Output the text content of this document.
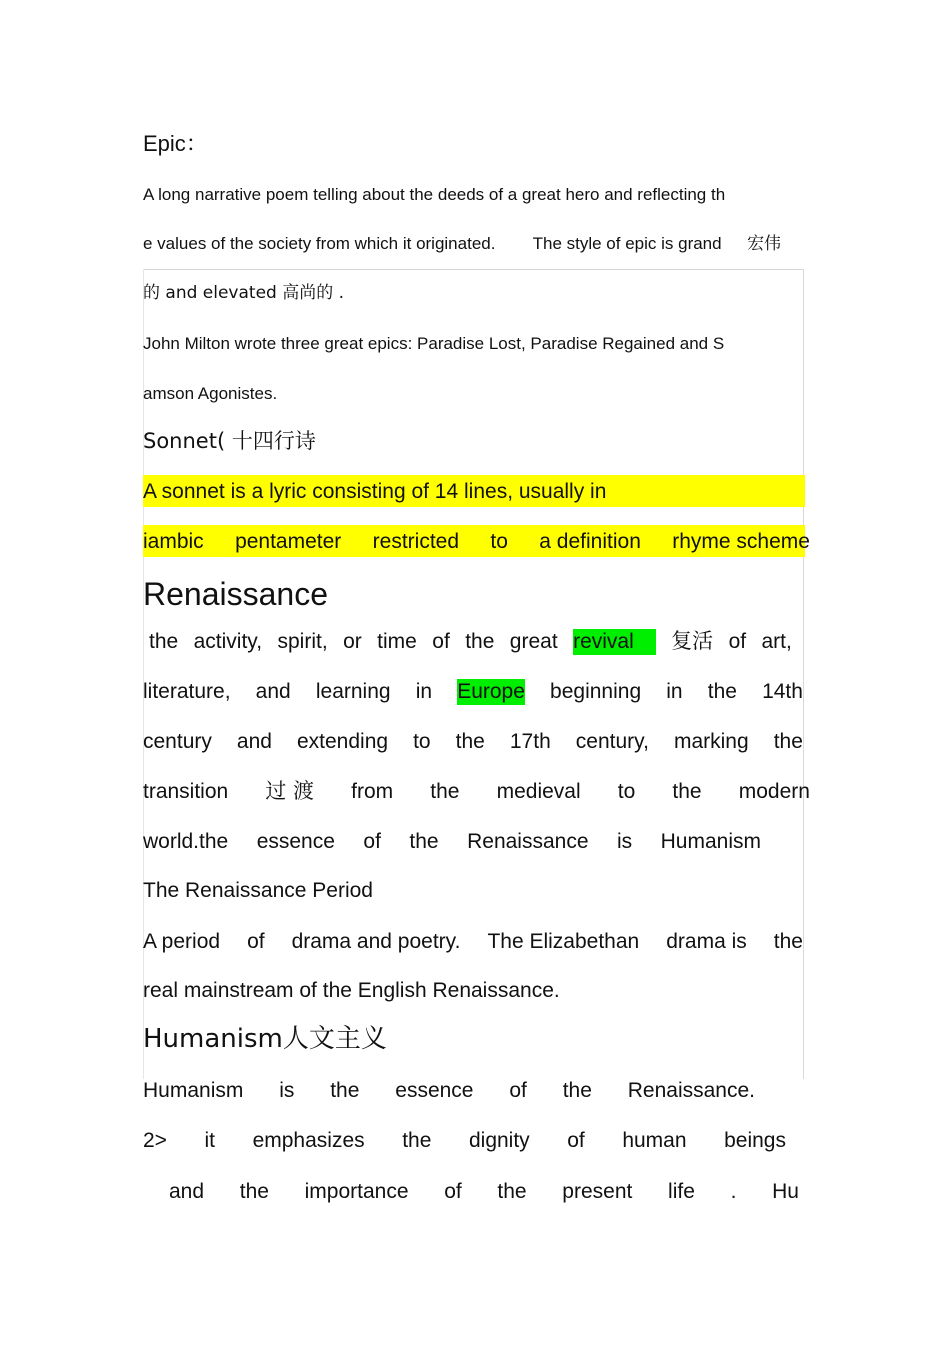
Epic：
A long narrative poem telling about the deeds of a great hero and reflecting th
e values of the society from which it originated. The style of epic is grand 宏伟
的 and elevated 高尚的 .
John Milton wrote three great epics: Paradise Lost, Paradise Regained and S
amson Agonistes.
Sonnet( 十四行诗
A sonnet is a lyric consisting of 14 lines, usually in
iambic pentameter restricted to a definition rhyme scheme
Renaissance
the activity, spirit, or time of the great revival	复活 of art,
literature, and learning in Europe beginning in the 14th
century and extending to the 17th century, marking the
transition 过 渡 from the medieval to the modern
world.the essence of the Renaissance is Humanism
The Renaissance Period
A period of drama and poetry. The Elizabethan drama is the
real mainstream of the English Renaissance.
Humanism人文主义
Humanism is the essence of the Renaissance.
2> it emphasizes the dignity of human beings
and the importance of the present life . Hu
